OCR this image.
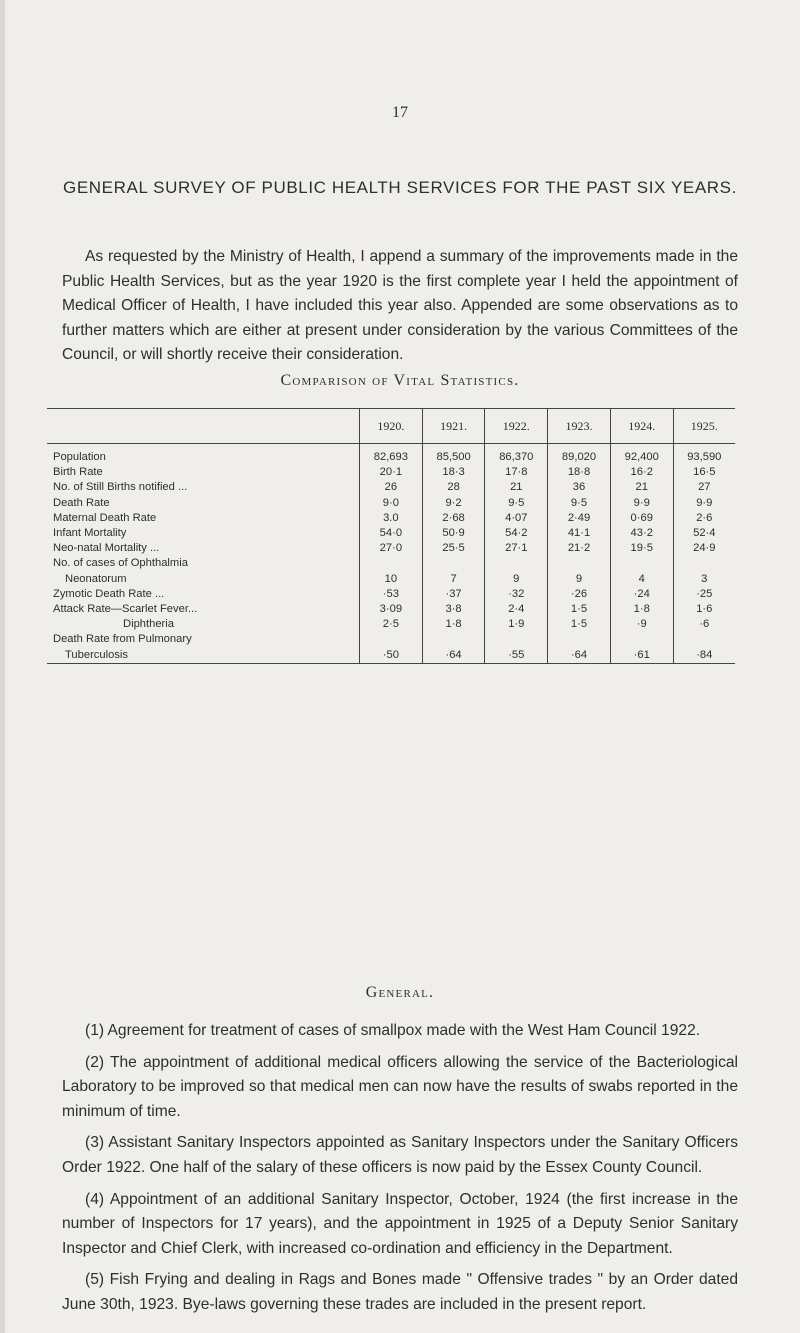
17
GENERAL SURVEY OF PUBLIC HEALTH SERVICES FOR THE PAST SIX YEARS.
As requested by the Ministry of Health, I append a summary of the improvements made in the Public Health Services, but as the year 1920 is the first complete year I held the appointment of Medical Officer of Health, I have included this year also. Appended are some observations as to further matters which are either at present under consideration by the various Committees of the Council, or will shortly receive their consideration.
Comparison of Vital Statistics.
	1920.	1921.	1922.	1923.	1924.	1925.

Population	82,693	85,500	86,370	89,020	92,400	93,590
Birth Rate	20·1	18·3	17·8	18·8	16·2	16·5
No. of Still Births notified ...	26	28	21	36	21	27
Death Rate	9·0	9·2	9·5	9·5	9·9	9·9
Maternal Death Rate	3.0	2·68	4·07	2·49	0·69	2·6
Infant Mortality	54·0	50·9	54·2	41·1	43·2	52·4
Neo-natal Mortality ...	27·0	25·5	27·1	21·2	19·5	24·9
No. of cases of Ophthalmia						
Neonatorum	10	7	9	9	4	3
Zymotic Death Rate ...	·53	·37	·32	·26	·24	·25
Attack Rate—Scarlet Fever...	3·09	3·8	2·4	1·5	1·8	1·6
Diphtheria	2·5	1·8	1·9	1·5	·9	·6
Death Rate from Pulmonary						
Tuberculosis	·50	·64	·55	·64	·61	·84
General.

(1) Agreement for treatment of cases of smallpox made with the West Ham Council 1922.

(2) The appointment of additional medical officers allowing the service of the Bacteriological Laboratory to be improved so that medical men can now have the results of swabs reported in the minimum of time.

(3) Assistant Sanitary Inspectors appointed as Sanitary Inspectors under the Sanitary Officers Order 1922. One half of the salary of these officers is now paid by the Essex County Council.

(4) Appointment of an additional Sanitary Inspector, October, 1924 (the first increase in the number of Inspectors for 17 years), and the appointment in 1925 of a Deputy Senior Sanitary Inspector and Chief Clerk, with increased co-ordination and efficiency in the Department.

(5) Fish Frying and dealing in Rags and Bones made " Offensive trades " by an Order dated June 30th, 1923. Bye-laws governing these trades are included in the present report.
